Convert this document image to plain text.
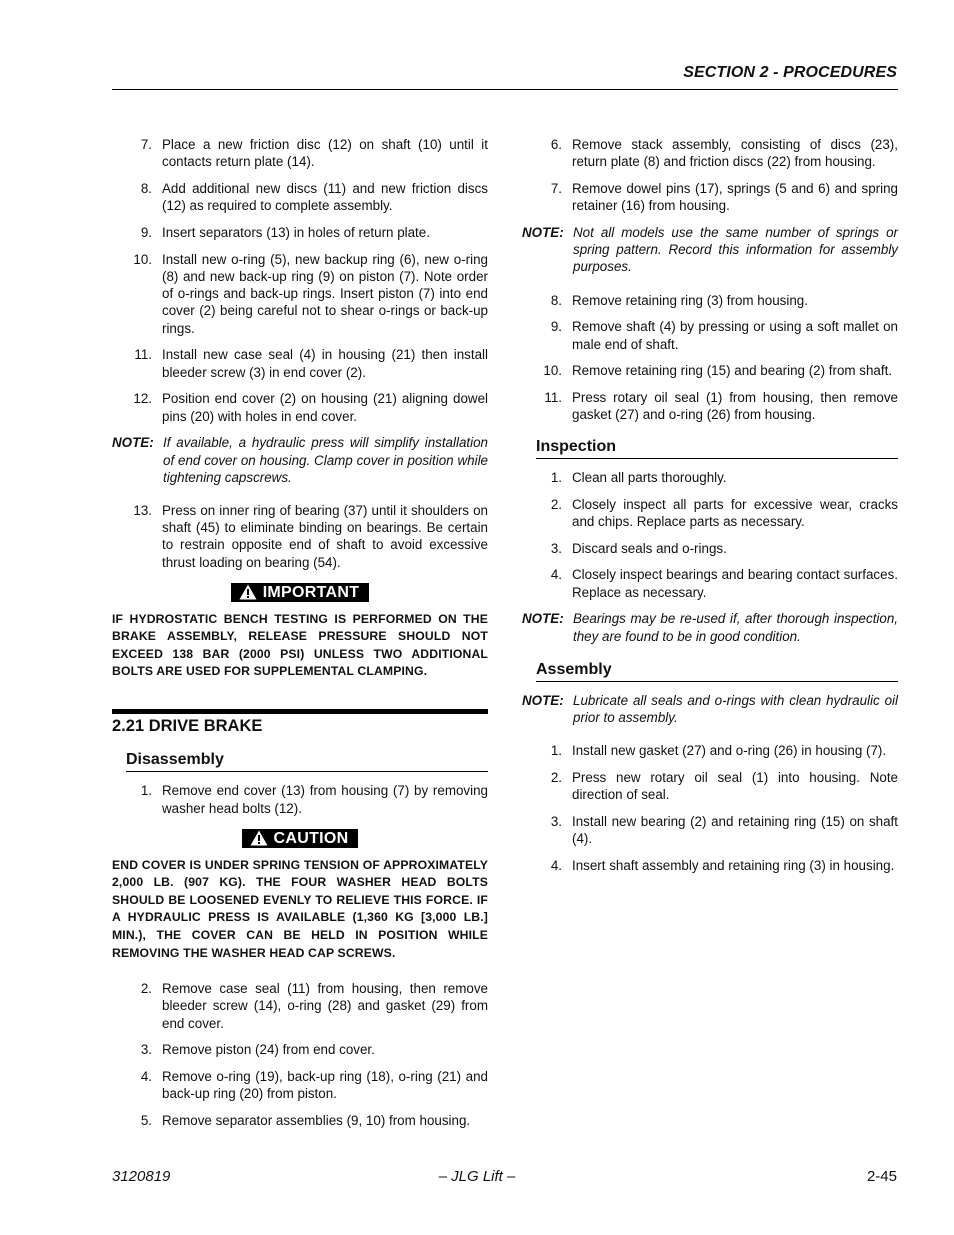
SECTION 2 - PROCEDURES
7. Place a new friction disc (12) on shaft (10) until it contacts return plate (14).
8. Add additional new discs (11) and new friction discs (12) as required to complete assembly.
9. Insert separators (13) in holes of return plate.
10. Install new o-ring (5), new backup ring (6), new o-ring (8) and new back-up ring (9) on piston (7). Note order of o-rings and back-up rings. Insert piston (7) into end cover (2) being careful not to shear o-rings or back-up rings.
11. Install new case seal (4) in housing (21) then install bleeder screw (3) in end cover (2).
12. Position end cover (2) on housing (21) aligning dowel pins (20) with holes in end cover.
NOTE: If available, a hydraulic press will simplify installation of end cover on housing. Clamp cover in position while tightening capscrews.
13. Press on inner ring of bearing (37) until it shoulders on shaft (45) to eliminate binding on bearings. Be certain to restrain opposite end of shaft to avoid excessive thrust loading on bearing (54).
IMPORTANT
IF HYDROSTATIC BENCH TESTING IS PERFORMED ON THE BRAKE ASSEMBLY, RELEASE PRESSURE SHOULD NOT EXCEED 138 BAR (2000 PSI) UNLESS TWO ADDITIONAL BOLTS ARE USED FOR SUPPLEMENTAL CLAMPING.
2.21 DRIVE BRAKE
Disassembly
1. Remove end cover (13) from housing (7) by removing washer head bolts (12).
CAUTION
END COVER IS UNDER SPRING TENSION OF APPROXIMATELY 2,000 LB. (907 KG). THE FOUR WASHER HEAD BOLTS SHOULD BE LOOSENED EVENLY TO RELIEVE THIS FORCE. IF A HYDRAULIC PRESS IS AVAILABLE (1,360 KG [3,000 LB.] MIN.), THE COVER CAN BE HELD IN POSITION WHILE REMOVING THE WASHER HEAD CAP SCREWS.
2. Remove case seal (11) from housing, then remove bleeder screw (14), o-ring (28) and gasket (29) from end cover.
3. Remove piston (24) from end cover.
4. Remove o-ring (19), back-up ring (18), o-ring (21) and back-up ring (20) from piston.
5. Remove separator assemblies (9, 10) from housing.
6. Remove stack assembly, consisting of discs (23), return plate (8) and friction discs (22) from housing.
7. Remove dowel pins (17), springs (5 and 6) and spring retainer (16) from housing.
NOTE: Not all models use the same number of springs or spring pattern. Record this information for assembly purposes.
8. Remove retaining ring (3) from housing.
9. Remove shaft (4) by pressing or using a soft mallet on male end of shaft.
10. Remove retaining ring (15) and bearing (2) from shaft.
11. Press rotary oil seal (1) from housing, then remove gasket (27) and o-ring (26) from housing.
Inspection
1. Clean all parts thoroughly.
2. Closely inspect all parts for excessive wear, cracks and chips. Replace parts as necessary.
3. Discard seals and o-rings.
4. Closely inspect bearings and bearing contact surfaces. Replace as necessary.
NOTE: Bearings may be re-used if, after thorough inspection, they are found to be in good condition.
Assembly
NOTE: Lubricate all seals and o-rings with clean hydraulic oil prior to assembly.
1. Install new gasket (27) and o-ring (26) in housing (7).
2. Press new rotary oil seal (1) into housing. Note direction of seal.
3. Install new bearing (2) and retaining ring (15) on shaft (4).
4. Insert shaft assembly and retaining ring (3) in housing.
3120819	– JLG Lift –	2-45
